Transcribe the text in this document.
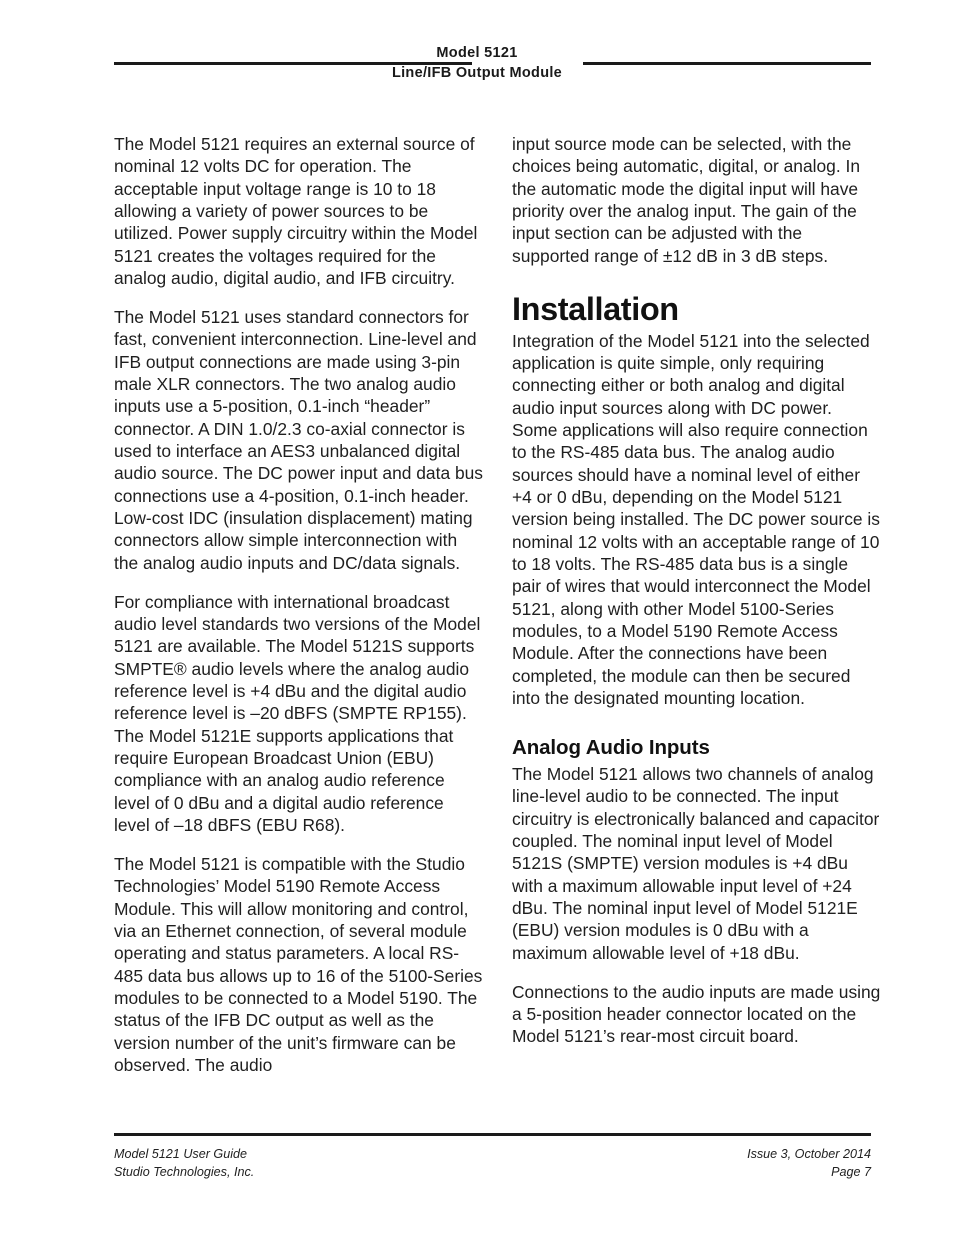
Model 5121
Line/IFB Output Module

The Model 5121 requires an external source of nominal 12 volts DC for operation. The acceptable input voltage range is 10 to 18 allowing a variety of power sources to be utilized. Power supply circuitry within the Model 5121 creates the voltages required for the analog audio, digital audio, and IFB circuitry.

The Model 5121 uses standard connectors for fast, convenient interconnection. Line-level and IFB output connections are made using 3-pin male XLR connectors. The two analog audio inputs use a 5-position, 0.1-inch “header” connector. A DIN 1.0/2.3 co-axial connector is used to interface an AES3 unbalanced digital audio source. The DC power input and data bus connections use a 4-position, 0.1-inch header. Low-cost IDC (insulation displacement) mating connectors allow simple interconnection with the analog audio inputs and DC/data signals.

For compliance with international broadcast audio level standards two versions of the Model 5121 are available. The Model 5121S supports SMPTE® audio levels where the analog audio reference level is +4 dBu and the digital audio reference level is –20 dBFS (SMPTE RP155). The Model 5121E supports applications that require European Broadcast Union (EBU) compliance with an analog audio reference level of 0 dBu and a digital audio reference level of –18 dBFS (EBU R68).

The Model 5121 is compatible with the Studio Technologies’ Model 5190 Remote Access Module. This will allow monitoring and control, via an Ethernet connection, of several module operating and status parameters. A local RS-485 data bus allows up to 16 of the 5100-Series modules to be connected to a Model 5190. The status of the IFB DC output as well as the version number of the unit’s firmware can be observed. The audio

input source mode can be selected, with the choices being automatic, digital, or analog. In the automatic mode the digital input will have priority over the analog input. The gain of the input section can be adjusted with the supported range of ±12 dB in 3 dB steps.

Installation

Integration of the Model 5121 into the selected application is quite simple, only requiring connecting either or both analog and digital audio input sources along with DC power. Some applications will also require connection to the RS-485 data bus. The analog audio sources should have a nominal level of either +4 or 0 dBu, depending on the Model 5121 version being installed. The DC power source is nominal 12 volts with an acceptable range of 10 to 18 volts. The RS-485 data bus is a single pair of wires that would interconnect the Model 5121, along with other Model 5100-Series modules, to a Model 5190 Remote Access Module. After the connections have been completed, the module can then be secured into the designated mounting location.

Analog Audio Inputs

The Model 5121 allows two channels of analog line-level audio to be connected. The input circuitry is electronically balanced and capacitor coupled. The nominal input level of Model 5121S (SMPTE) version modules is +4 dBu with a maximum allowable input level of +24 dBu. The nominal input level of Model 5121E (EBU) version modules is 0 dBu with a maximum allowable level of +18 dBu.

Connections to the audio inputs are made using a 5-position header connector located on the Model 5121’s rear-most circuit board.

Model 5121 User Guide
Studio Technologies, Inc.
Issue 3, October 2014
Page 7
